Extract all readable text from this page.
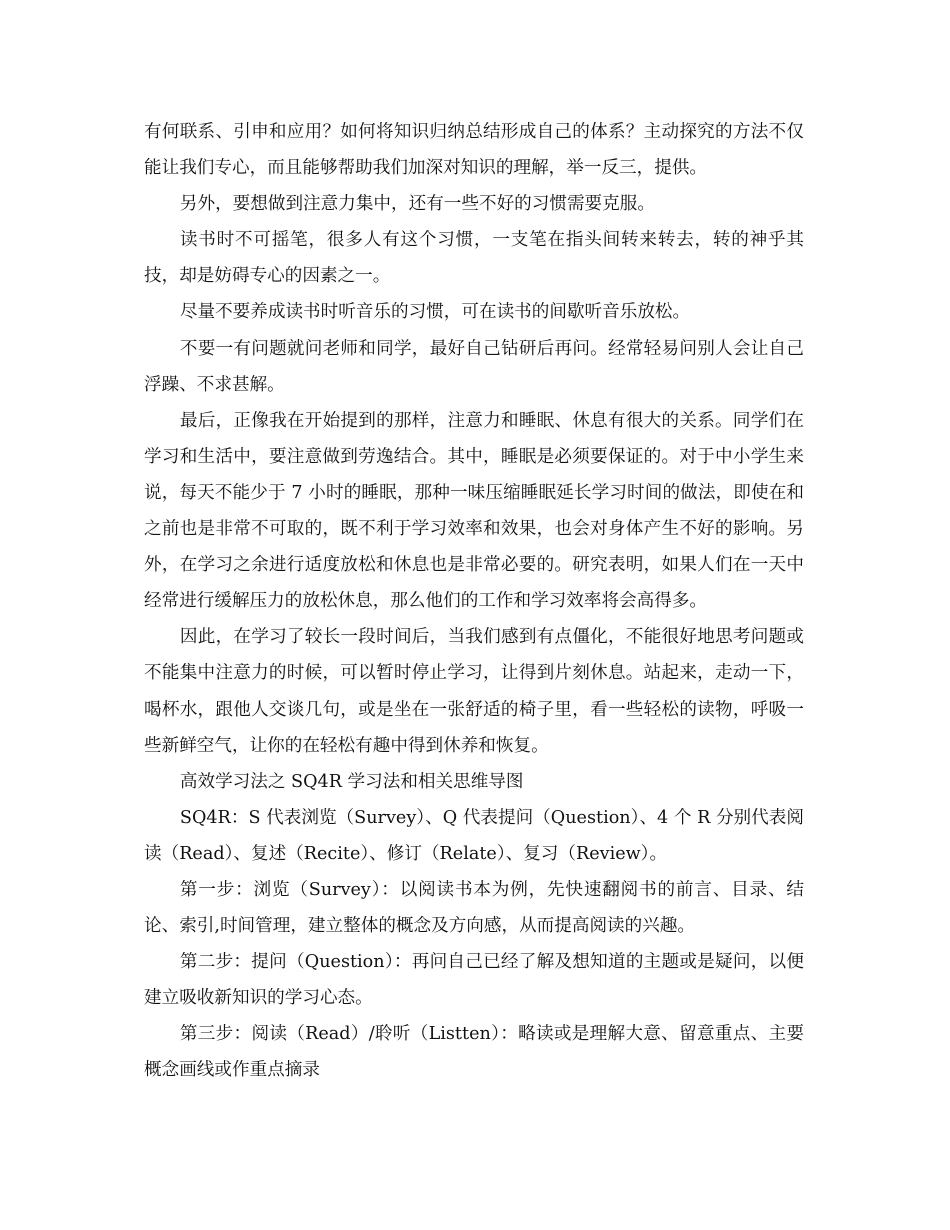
有何联系、引申和应用？如何将知识归纳总结形成自己的体系？主动探究的方法不仅能让我们专心，而且能够帮助我们加深对知识的理解，举一反三，提供。

另外，要想做到注意力集中，还有一些不好的习惯需要克服。

读书时不可摇笔，很多人有这个习惯，一支笔在指头间转来转去，转的神乎其技，却是妨碍专心的因素之一。

尽量不要养成读书时听音乐的习惯，可在读书的间歇听音乐放松。

不要一有问题就问老师和同学，最好自己钻研后再问。经常轻易问别人会让自己浮躁、不求甚解。

最后，正像我在开始提到的那样，注意力和睡眠、休息有很大的关系。同学们在学习和生活中，要注意做到劳逸结合。其中，睡眠是必须要保证的。对于中小学生来说，每天不能少于 7 小时的睡眠，那种一味压缩睡眠延长学习时间的做法，即使在和之前也是非常不可取的，既不利于学习效率和效果，也会对身体产生不好的影响。另外，在学习之余进行适度放松和休息也是非常必要的。研究表明，如果人们在一天中经常进行缓解压力的放松休息，那么他们的工作和学习效率将会高得多。

因此，在学习了较长一段时间后，当我们感到有点僵化，不能很好地思考问题或不能集中注意力的时候，可以暂时停止学习，让得到片刻休息。站起来，走动一下，喝杯水，跟他人交谈几句，或是坐在一张舒适的椅子里，看一些轻松的读物，呼吸一些新鲜空气，让你的在轻松有趣中得到休养和恢复。

高效学习法之 SQ4R 学习法和相关思维导图

SQ4R：S 代表浏览（Survey）、Q 代表提问（Question）、4 个 R 分别代表阅读（Read）、复述（Recite）、修订（Relate）、复习（Review）。

第一步：浏览（Survey）：以阅读书本为例，先快速翻阅书的前言、目录、结论、索引,时间管理，建立整体的概念及方向感，从而提高阅读的兴趣。

第二步：提问（Question）：再问自己已经了解及想知道的主题或是疑问，以便建立吸收新知识的学习心态。

第三步：阅读（Read）/聆听（Listten）：略读或是理解大意、留意重点、主要概念画线或作重点摘录
